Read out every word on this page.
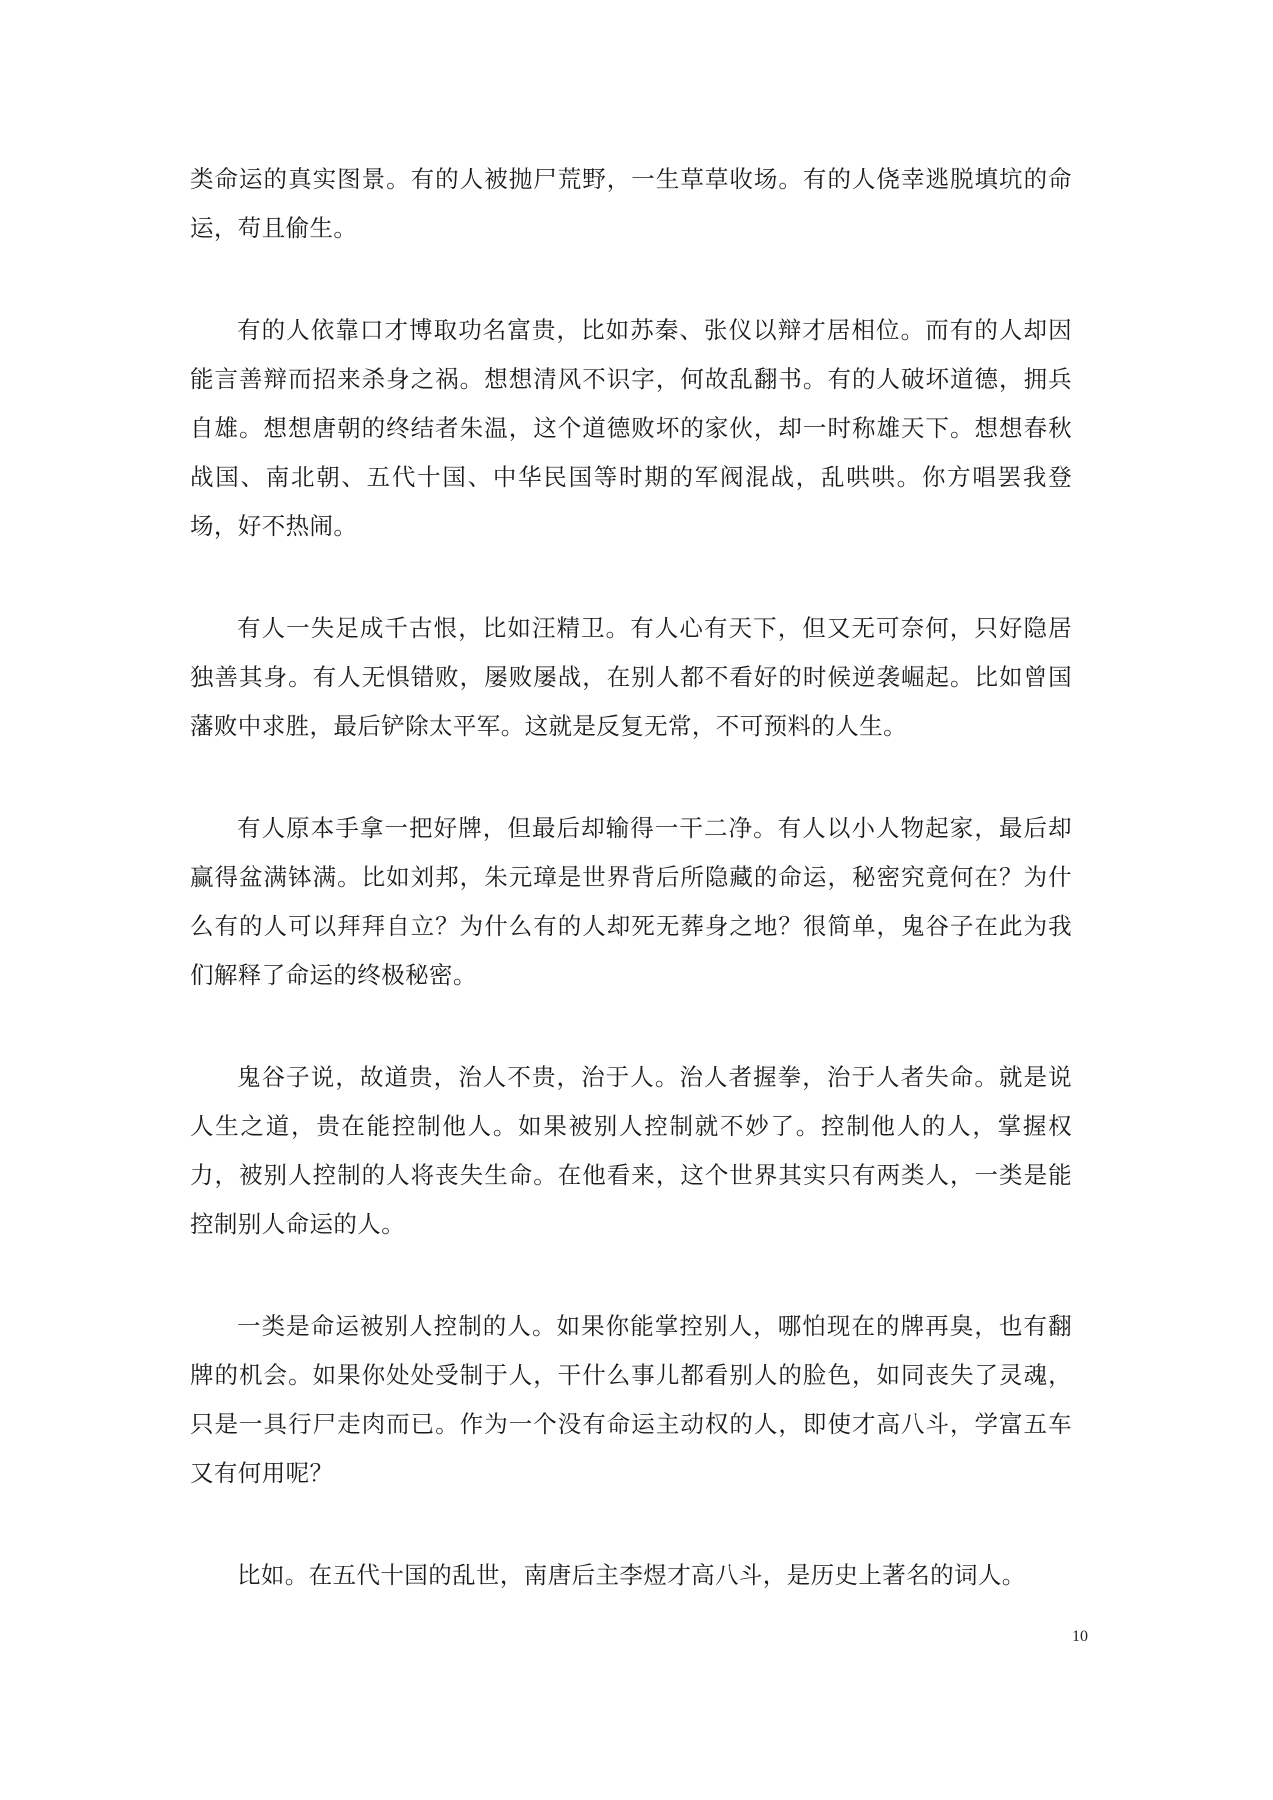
类命运的真实图景。有的人被抛尸荒野，一生草草收场。有的人侥幸逃脱填坑的命运，苟且偷生。

有的人依靠口才博取功名富贵，比如苏秦、张仪以辩才居相位。而有的人却因能言善辩而招来杀身之祸。想想清风不识字，何故乱翻书。有的人破坏道德，拥兵自雄。想想唐朝的终结者朱温，这个道德败坏的家伙，却一时称雄天下。想想春秋战国、南北朝、五代十国、中华民国等时期的军阀混战，乱哄哄。你方唱罢我登场，好不热闹。

有人一失足成千古恨，比如汪精卫。有人心有天下，但又无可奈何，只好隐居独善其身。有人无惧错败，屡败屡战，在别人都不看好的时候逆袭崛起。比如曾国藩败中求胜，最后铲除太平军。这就是反复无常，不可预料的人生。

有人原本手拿一把好牌，但最后却输得一干二净。有人以小人物起家，最后却赢得盆满钵满。比如刘邦，朱元璋是世界背后所隐藏的命运，秘密究竟何在？为什么有的人可以拜拜自立？为什么有的人却死无葬身之地？很简单，鬼谷子在此为我们解释了命运的终极秘密。

鬼谷子说，故道贵，治人不贵，治于人。治人者握拳，治于人者失命。就是说人生之道，贵在能控制他人。如果被别人控制就不妙了。控制他人的人，掌握权力，被别人控制的人将丧失生命。在他看来，这个世界其实只有两类人，一类是能控制别人命运的人。

一类是命运被别人控制的人。如果你能掌控别人，哪怕现在的牌再臭，也有翻牌的机会。如果你处处受制于人，干什么事儿都看别人的脸色，如同丧失了灵魂，只是一具行尸走肉而已。作为一个没有命运主动权的人，即使才高八斗，学富五车又有何用呢？

比如。在五代十国的乱世，南唐后主李煜才高八斗，是历史上著名的词人。

10
